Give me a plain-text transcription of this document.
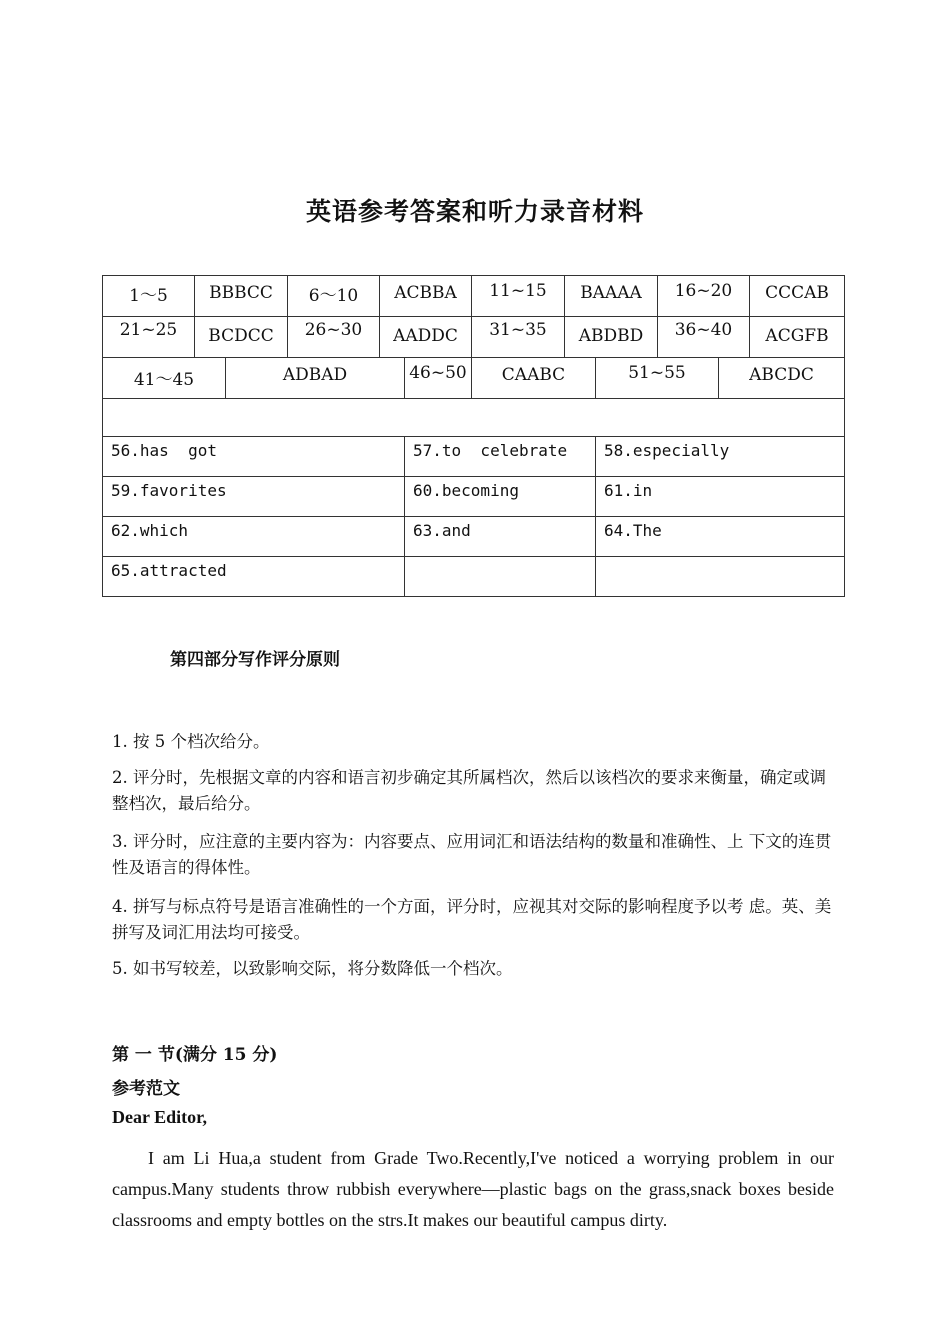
英语参考答案和听力录音材料
1～5	BBBCC	6～10	ACBBA	11~15	BAAAA	16~20	CCCAB
21~25	BCDCC	26~30	AADDC	31~35	ABDBD	36~40	ACGFB
41～45	ADBAD	46~50	CAABC	51~55	ABCDC
56.has  got	57.to  celebrate	58.especially
59.favorites	60.becoming	61.in
62.which	63.and	64.The
65.attracted
第四部分写作评分原则
1. 按 5 个档次给分。
2. 评分时，先根据文章的内容和语言初步确定其所属档次，然后以该档次的要求来衡量，确定或调整档次，最后给分。
3. 评分时，应注意的主要内容为：内容要点、应用词汇和语法结构的数量和准确性、上 下文的连贯性及语言的得体性。
4. 拼写与标点符号是语言准确性的一个方面，评分时，应视其对交际的影响程度予以考 虑。英、美拼写及词汇用法均可接受。
5. 如书写较差，以致影响交际，将分数降低一个档次。
第 一 节(满分 15 分)
参考范文
Dear Editor,
I am Li Hua,a student from Grade Two.Recently,I've noticed a worrying problem in our campus.Many students throw rubbish everywhere—plastic bags on the grass,snack boxes beside classrooms and empty bottles on the strs.It makes our beautiful campus dirty.
